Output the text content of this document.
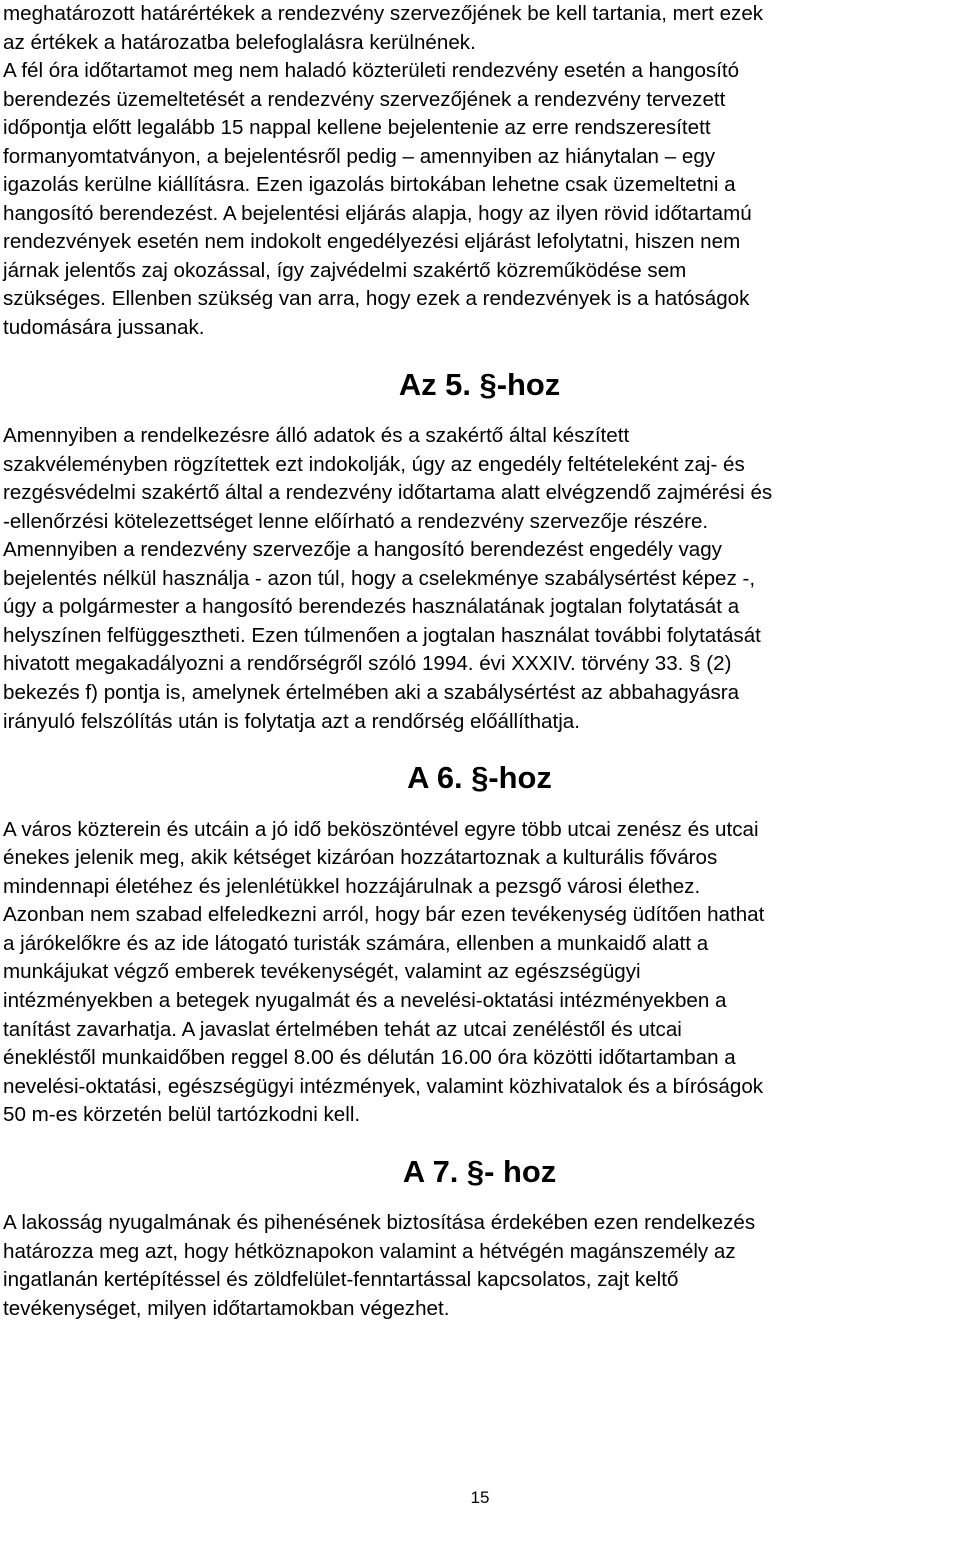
meghatározott határértékek a rendezvény szervezőjének be kell tartania, mert ezek
az értékek a határozatba belefoglalásra kerülnének.
A fél óra időtartamot meg nem haladó közterületi rendezvény esetén a hangosító
berendezés üzemeltetését a rendezvény szervezőjének a rendezvény tervezett
időpontja előtt legalább 15 nappal kellene bejelentenie az erre rendszeresített
formanyomtatványon, a bejelentésről pedig – amennyiben az hiánytalan – egy
igazolás kerülne kiállításra. Ezen igazolás birtokában lehetne csak üzemeltetni a
hangosító berendezést. A bejelentési eljárás alapja, hogy az ilyen rövid időtartamú
rendezvények esetén nem indokolt engedélyezési eljárást lefolytatni, hiszen nem
járnak jelentős zaj okozással, így zajvédelmi szakértő közreműködése sem
szükséges. Ellenben szükség van arra, hogy ezek a rendezvények is a hatóságok
tudomására jussanak.

Az 5. §-hoz

Amennyiben a rendelkezésre álló adatok és a szakértő által készített
szakvéleményben rögzítettek ezt indokolják, úgy az engedély feltételeként zaj- és
rezgésvédelmi szakértő által a rendezvény időtartama alatt elvégzendő zajmérési és
-ellenőrzési kötelezettséget lenne előírható a rendezvény szervezője részére.
Amennyiben a rendezvény szervezője a hangosító berendezést engedély vagy
bejelentés nélkül használja - azon túl, hogy a cselekménye szabálysértést képez -,
úgy a polgármester a hangosító berendezés használatának jogtalan folytatását a
helyszínen felfüggesztheti. Ezen túlmenően a jogtalan használat további folytatását
hivatott megakadályozni a rendőrségről szóló 1994. évi XXXIV. törvény 33. § (2)
bekezés f) pontja is, amelynek értelmében aki a szabálysértést az abbahagyásra
irányuló felszólítás után is folytatja azt a rendőrség előállíthatja.

A 6. §-hoz

A város közterein és utcáin a jó idő beköszöntével egyre több utcai zenész és utcai
énekes jelenik meg, akik kétséget kizáróan hozzátartoznak a kulturális főváros
mindennapi életéhez és jelenlétükkel hozzájárulnak a pezsgő városi élethez.
Azonban nem szabad elfeledkezni arról, hogy bár ezen tevékenység üdítően hathat
a járókelőkre és az ide látogató turisták számára, ellenben a munkaidő alatt a
munkájukat végző emberek tevékenységét, valamint az egészségügyi
intézményekben a betegek nyugalmát és a nevelési-oktatási intézményekben a
tanítást zavarhatja. A javaslat értelmében tehát az utcai zenéléstől és utcai
énekléstől munkaidőben reggel 8.00 és délután 16.00 óra közötti időtartamban a
nevelési-oktatási, egészségügyi intézmények, valamint közhivatalok és a bíróságok
50 m-es körzetén belül tartózkodni kell.

A 7. §- hoz

A lakosság nyugalmának és pihenésének biztosítása érdekében ezen rendelkezés
határozza meg azt, hogy hétköznapokon valamint a hétvégén magánszemély az
ingatlanán kertépítéssel és zöldfelület-fenntartással kapcsolatos, zajt keltő
tevékenységet, milyen időtartamokban végezhet.

15
